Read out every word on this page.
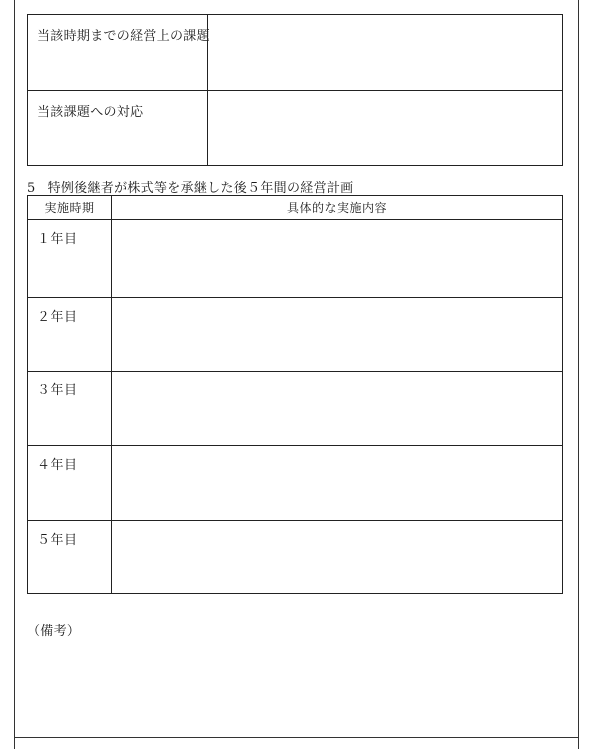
当該時期までの経営上の課題
当該課題への対応
5 特例後継者が株式等を承継した後５年間の経営計画
実施時期	具体的な実施内容
１年目
２年目
３年目
４年目
５年目
（備考）
